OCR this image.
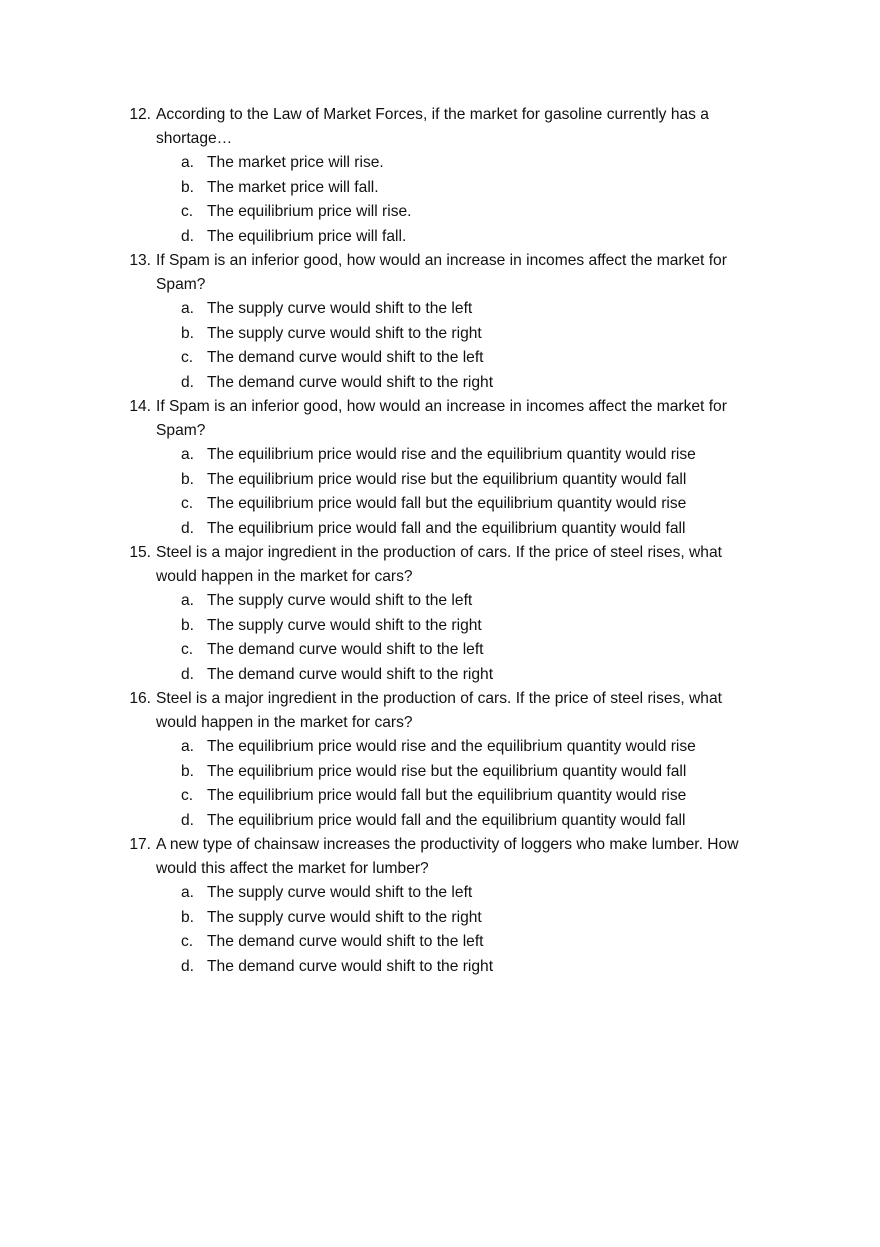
12. According to the Law of Market Forces, if the market for gasoline currently has a shortage…
a. The market price will rise.
b. The market price will fall.
c. The equilibrium price will rise.
d. The equilibrium price will fall.
13. If Spam is an inferior good, how would an increase in incomes affect the market for Spam?
a. The supply curve would shift to the left
b. The supply curve would shift to the right
c. The demand curve would shift to the left
d. The demand curve would shift to the right
14. If Spam is an inferior good, how would an increase in incomes affect the market for Spam?
a. The equilibrium price would rise and the equilibrium quantity would rise
b. The equilibrium price would rise but the equilibrium quantity would fall
c. The equilibrium price would fall but the equilibrium quantity would rise
d. The equilibrium price would fall and the equilibrium quantity would fall
15. Steel is a major ingredient in the production of cars. If the price of steel rises, what would happen in the market for cars?
a. The supply curve would shift to the left
b. The supply curve would shift to the right
c. The demand curve would shift to the left
d. The demand curve would shift to the right
16. Steel is a major ingredient in the production of cars. If the price of steel rises, what would happen in the market for cars?
a. The equilibrium price would rise and the equilibrium quantity would rise
b. The equilibrium price would rise but the equilibrium quantity would fall
c. The equilibrium price would fall but the equilibrium quantity would rise
d. The equilibrium price would fall and the equilibrium quantity would fall
17. A new type of chainsaw increases the productivity of loggers who make lumber. How would this affect the market for lumber?
a. The supply curve would shift to the left
b. The supply curve would shift to the right
c. The demand curve would shift to the left
d. The demand curve would shift to the right
